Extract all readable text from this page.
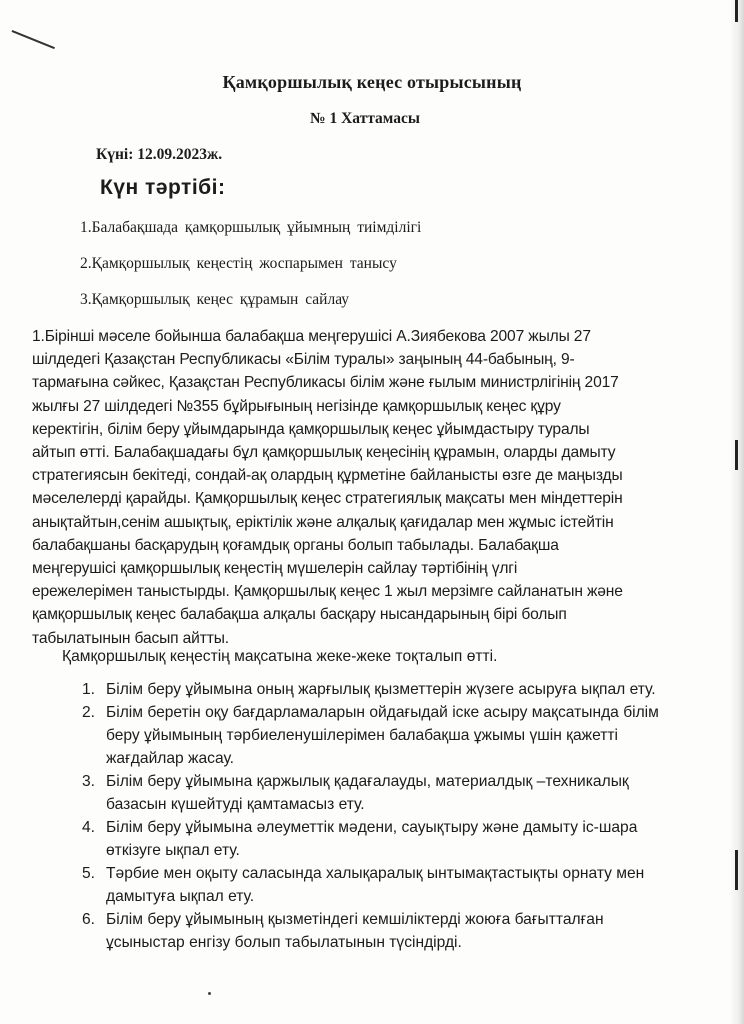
Қамқоршылық кеңес отырысының
№ 1 Хаттамасы
Күні: 12.09.2023ж.
Күн тәртібі:
1.Балабақшада қамқоршылық ұйымның тиімділігі
2.Қамқоршылық кеңестің жоспарымен танысу
3.Қамқоршылық кеңес құрамын сайлау
1.Бірінші мәселе бойынша балабақша меңгерушісі А.Зиябекова 2007 жылы 27
шілдедегі Қазақстан Республикасы «Білім туралы» заңының 44-бабының, 9-
тармағына сәйкес, Қазақстан Республикасы білім және ғылым министрлігінің 2017
жылғы 27 шілдедегі №355 бұйрығының негізінде қамқоршылық кеңес құру
керектігін, білім беру ұйымдарында қамқоршылық кеңес ұйымдастыру туралы
айтып өтті. Балабақшадағы бұл қамқоршылық кеңесінің құрамын, оларды дамыту
стратегиясын бекітеді, сондай-ақ олардың құрметіне байланысты өзге де маңызды
мәселелерді қарайды. Қамқоршылық кеңес стратегиялық мақсаты мен міндеттерін
анықтайтын,сенім ашықтық, еріктілік және алқалық қағидалар мен жұмыс істейтін
балабақшаны басқарудың қоғамдық органы болып табылады. Балабақша
меңгерушісі қамқоршылық кеңестің мүшелерін сайлау тәртібінің үлгі
ережелерімен таныстырды. Қамқоршылық кеңес 1 жыл мерзімге сайланатын және
қамқоршылық кеңес балабақша алқалы басқару нысандарының бірі болып
табылатынын басып айтты.
Қамқоршылық кеңестің мақсатына жеке-жеке тоқталып өтті.
1. Білім беру ұйымына оның жарғылық қызметтерін жүзеге асыруға ықпал ету.
2. Білім беретін оқу бағдарламаларын ойдағыдай іске асыру мақсатында білім
беру ұйымының тәрбиеленушілерімен балабақша ұжымы үшін қажетті
жағдайлар жасау.
3. Білім беру ұйымына қаржылық қадағалауды, материалдық –техникалық
базасын күшейтуді қамтамасыз ету.
4. Білім беру ұйымына әлеуметтік мәдени, сауықтыру және дамыту іс-шара
өткізуге ықпал ету.
5. Тәрбие мен оқыту саласында халықаралық ынтымақтастықты орнату мен
дамытуға ықпал ету.
6. Білім беру ұйымының қызметіндегі кемшіліктерді жоюға бағытталған
ұсыныстар енгізу болып табылатынын түсіндірді.
